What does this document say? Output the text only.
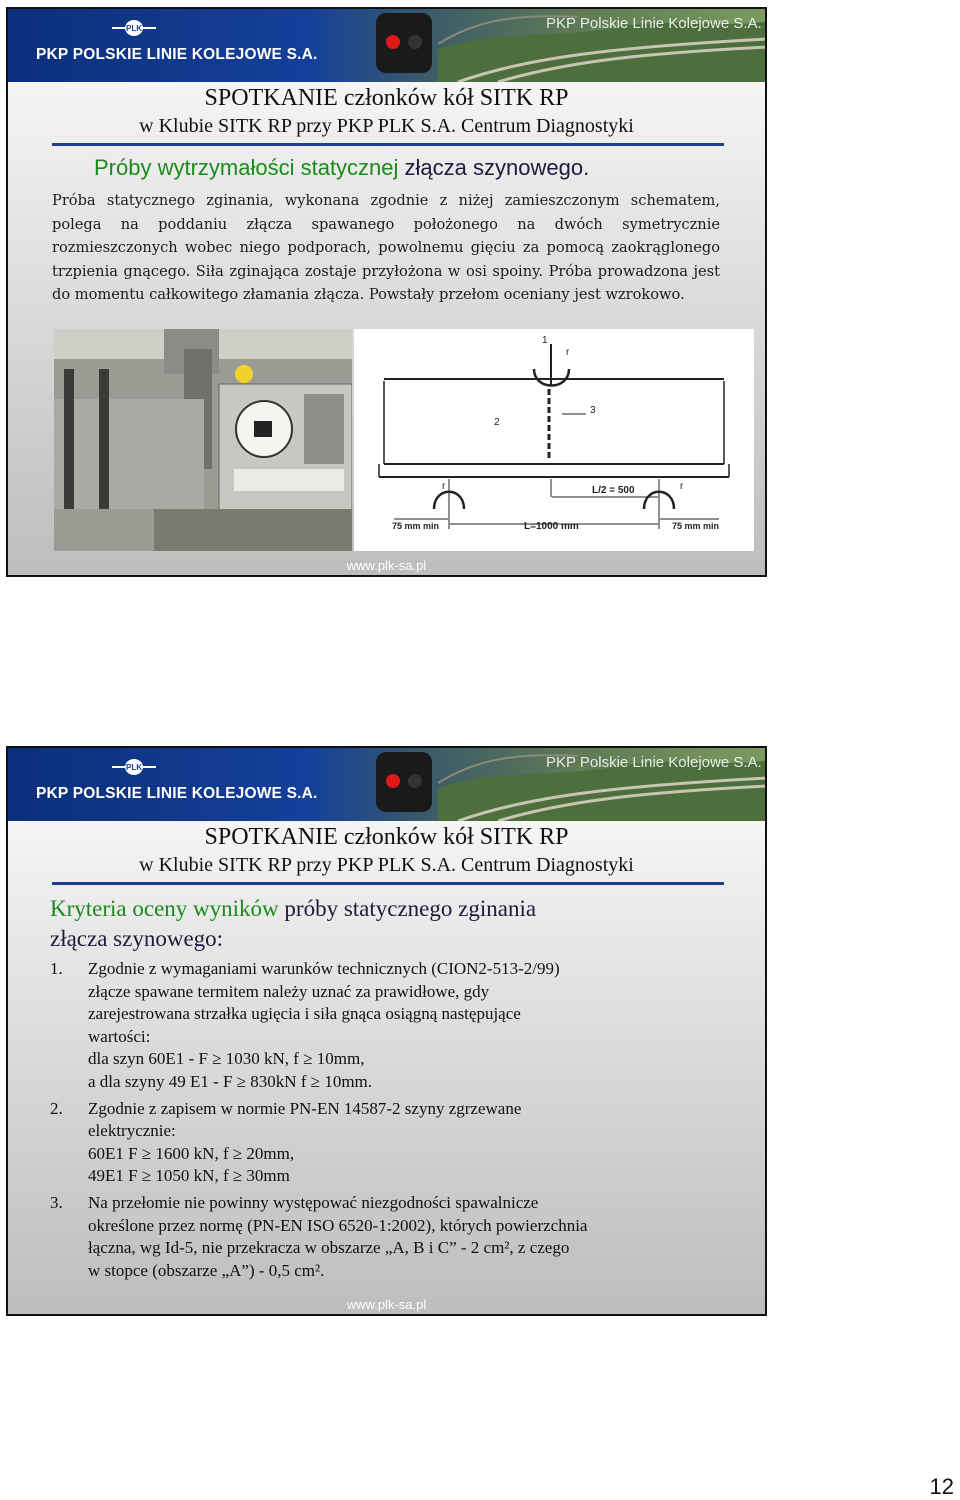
PKP Polskie Linie Kolejowe S.A.
PLK
PKP POLSKIE LINIE KOLEJOWE S.A.
SPOTKANIE członków kół SITK RP
w Klubie SITK RP przy PKP PLK S.A. Centrum Diagnostyki
Próby wytrzymałości statycznej złącza szynowego.
Próba statycznego zginania, wykonana zgodnie z niżej zamieszczonym schematem, polega na poddaniu złącza spawanego położonego na dwóch symetrycznie rozmieszczonych wobec niego podporach, powolnemu gięciu za pomocą zaokrąglonego trzpienia gnącego. Siła zginająca zostaje przyłożona w osi spoiny. Próba prowadzona jest do momentu całkowitego złamania złącza. Powstały przełom oceniany jest wzrokowo.
1
r
2
3
r	r
L/2 = 500
75 mm min	L=1000 mm	75 mm min
www.plk-sa.pl
PKP Polskie Linie Kolejowe S.A.
PLK
PKP POLSKIE LINIE KOLEJOWE S.A.
SPOTKANIE członków kół SITK RP
w Klubie SITK RP przy PKP PLK S.A. Centrum Diagnostyki
Kryteria oceny wyników próby statycznego zginania
złącza szynowego:
1. Zgodnie z wymaganiami warunków technicznych (CION2-513-2/99)
złącze spawane termitem należy uznać za prawidłowe, gdy
zarejestrowana strzałka ugięcia i siła gnąca osiągną następujące
wartości:
dla szyn 60E1 - F ≥ 1030 kN, f ≥ 10mm,
a dla szyny 49 E1 - F ≥ 830kN f ≥ 10mm.
2. Zgodnie z zapisem w normie PN-EN 14587-2 szyny zgrzewane
elektrycznie:
60E1 F ≥ 1600 kN, f ≥ 20mm,
49E1 F ≥ 1050 kN, f ≥ 30mm
3. Na przełomie nie powinny występować niezgodności spawalnicze
określone przez normę (PN-EN ISO 6520-1:2002), których powierzchnia
łączna, wg Id-5, nie przekracza w obszarze „A, B i C” - 2 cm², z czego
w stopce (obszarze „A”) - 0,5 cm².
www.plk-sa.pl
12
